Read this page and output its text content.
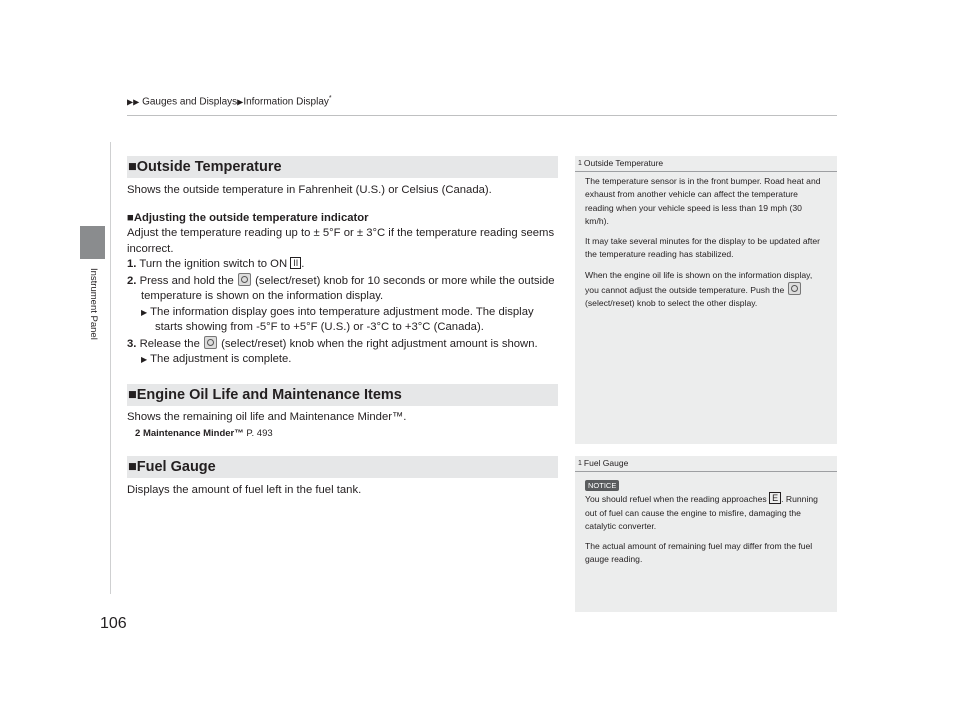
Instrument Panel
▶▶ Gauges and Displays▶Information Display*
■Outside Temperature
Shows the outside temperature in Fahrenheit (U.S.) or Celsius (Canada).
■Adjusting the outside temperature indicator
Adjust the temperature reading up to ± 5°F or ± 3°C if the temperature reading seems incorrect.
1. Turn the ignition switch to ON II .
2. Press and hold the (select/reset) knob for 10 seconds or more while the outside temperature is shown on the information display.
▶ The information display goes into temperature adjustment mode. The display starts showing from -5°F to +5°F (U.S.) or -3°C to +3°C (Canada).
3. Release the (select/reset) knob when the right adjustment amount is shown.
▶ The adjustment is complete.
■Engine Oil Life and Maintenance Items
Shows the remaining oil life and Maintenance Minder™.
2 Maintenance Minder™ P. 493
■Fuel Gauge
Displays the amount of fuel left in the fuel tank.
1 Outside Temperature

The temperature sensor is in the front bumper. Road heat and exhaust from another vehicle can affect the temperature reading when your vehicle speed is less than 19 mph (30 km/h).

It may take several minutes for the display to be updated after the temperature reading has stabilized.

When the engine oil life is shown on the information display, you cannot adjust the outside temperature. Push the  (select/reset) knob to select the other display.

1 Fuel Gauge
NOTICE

You should refuel when the reading approaches E . Running out of fuel can cause the engine to misfire, damaging the catalytic converter.

The actual amount of remaining fuel may differ from the fuel gauge reading.

106
